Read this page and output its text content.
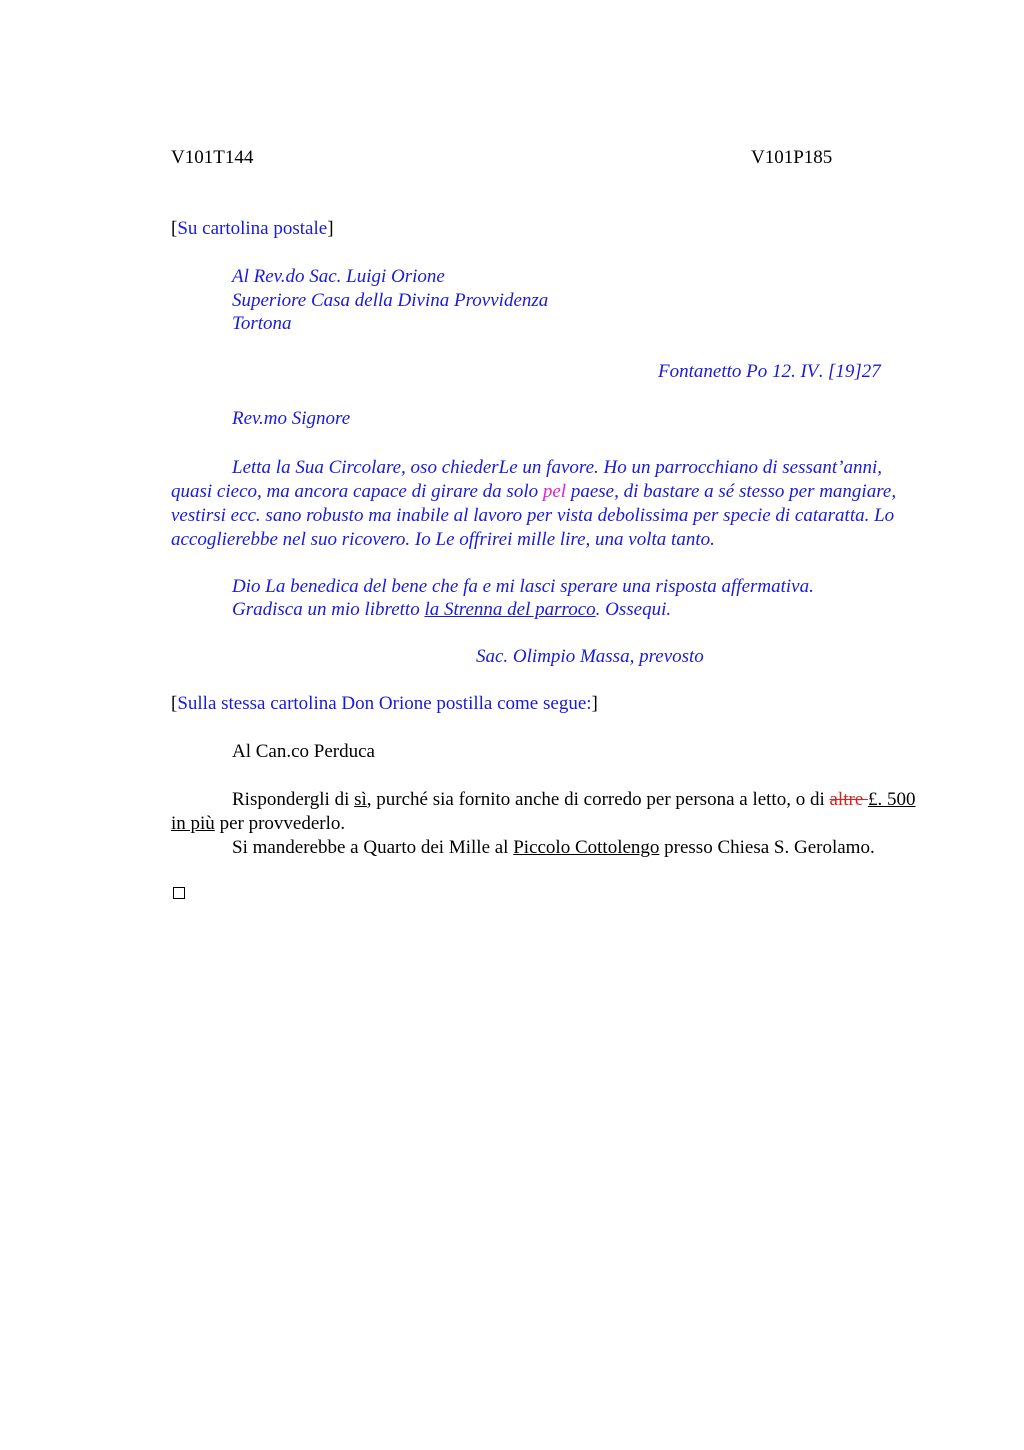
V101T144	V101P185
[Su cartolina postale]
Al Rev.do Sac. Luigi Orione
Superiore Casa della Divina Provvidenza
Tortona
Fontanetto Po 12. IV. [19]27
Rev.mo Signore
Letta la Sua Circolare, oso chiederLe un favore. Ho un parrocchiano di sessant’anni, quasi cieco, ma ancora capace di girare da solo pel paese, di bastare a sé stesso per mangiare, vestirsi ecc. sano robusto ma inabile al lavoro per vista debolissima per specie di cataratta. Lo accoglierebbe nel suo ricovero. Io Le offrirei mille lire, una volta tanto.
Dio La benedica del bene che fa e mi lasci sperare una risposta affermativa.
Gradisca un mio libretto la Strenna del parroco. Ossequi.
Sac. Olimpio Massa, prevosto
[Sulla stessa cartolina Don Orione postilla come segue:]
Al Can.co Perduca
Rispondergli di sì, purché sia fornito anche di corredo per persona a letto, o di altre £. 500 in più per provvederlo.
Si manderebbe a Quarto dei Mille al Piccolo Cottolengo presso Chiesa S. Gerolamo.
